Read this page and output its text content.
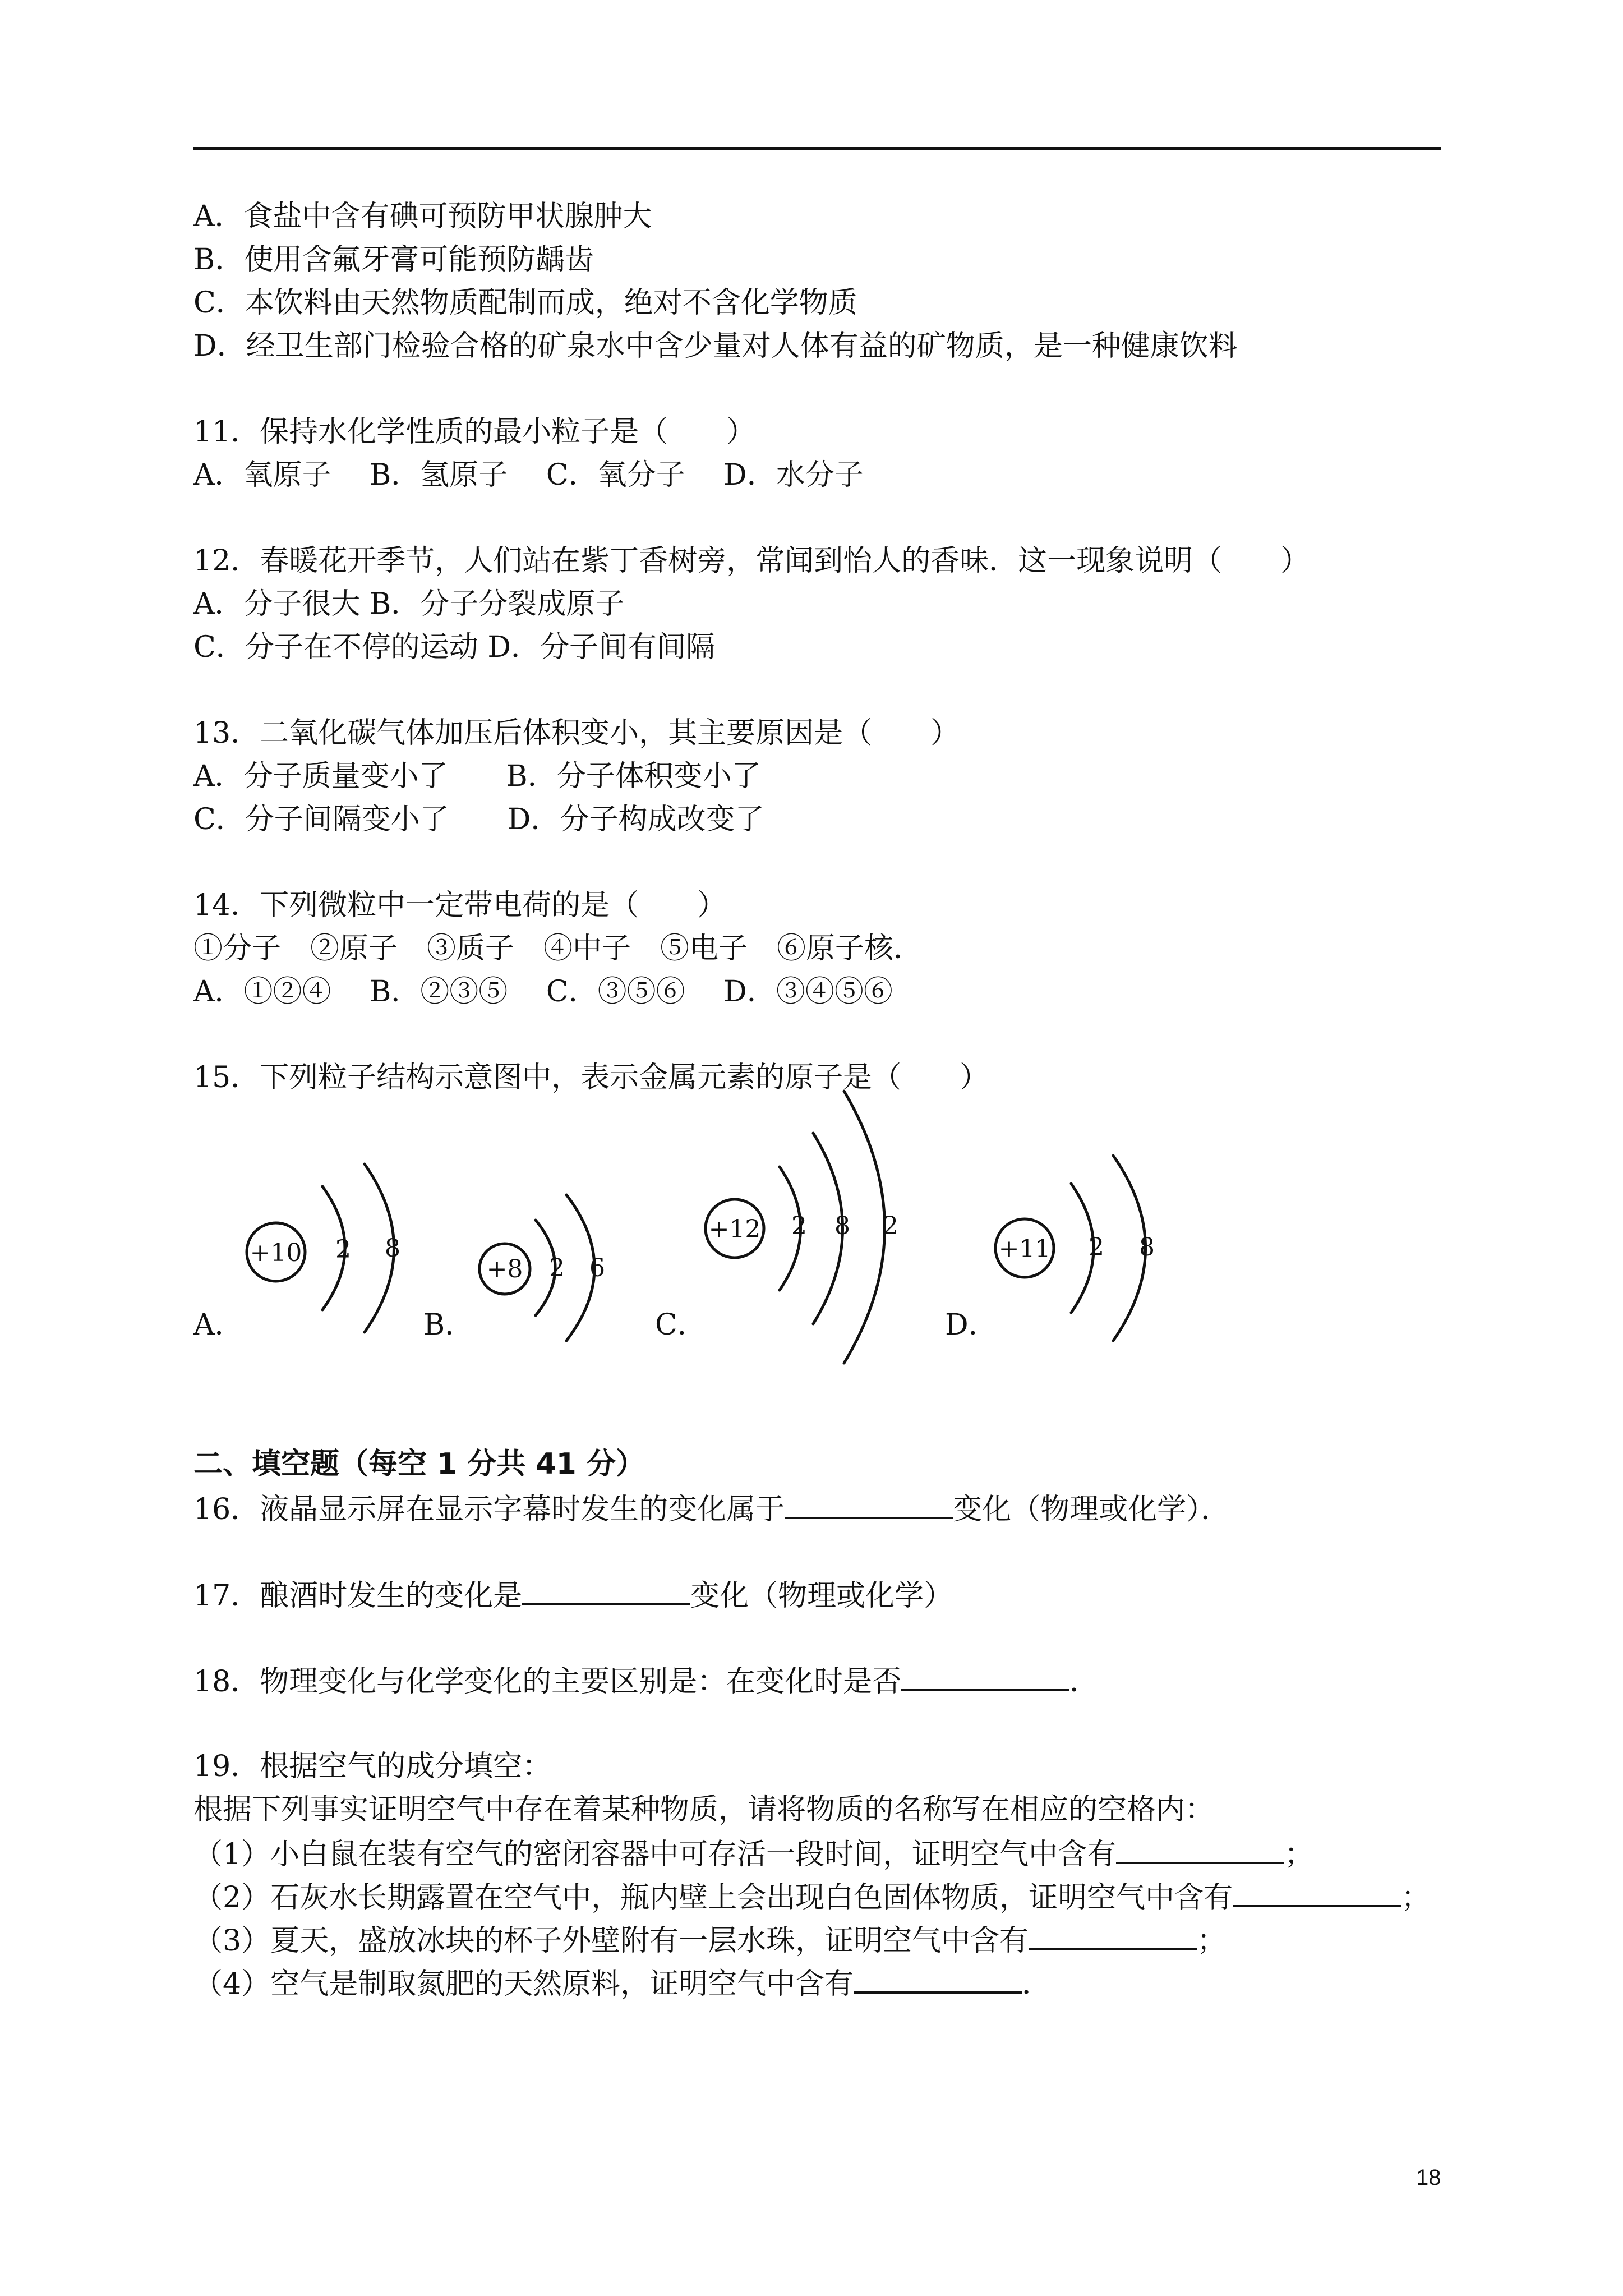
A．食盐中含有碘可预防甲状腺肿大
B．使用含氟牙膏可能预防龋齿
C．本饮料由天然物质配制而成，绝对不含化学物质
D．经卫生部门检验合格的矿泉水中含少量对人体有益的矿物质，是一种健康饮料
11．保持水化学性质的最小粒子是（　　）
A．氧原子　 B．氢原子　 C．氧分子　 D．水分子
12．春暖花开季节，人们站在紫丁香树旁，常闻到怡人的香味．这一现象说明（　　）
A．分子很大 B．分子分裂成原子
C．分子在不停的运动 D．分子间有间隔
13．二氧化碳气体加压后体积变小，其主要原因是（　　）
A．分子质量变小了　　B．分子体积变小了
C．分子间隔变小了　　D．分子构成改变了
14．下列微粒中一定带电荷的是（　　）
①分子　②原子　③质子　④中子　⑤电子　⑥原子核．
A．①②④　 B．②③⑤　 C．③⑤⑥　 D．③④⑤⑥
15．下列粒子结构示意图中，表示金属元素的原子是（　　）
+10 2 8
+8 2 6
+12 2 8 2
+11 2 8
A．	B．	C．	D．
二、填空题（每空 1 分共 41 分）
16．液晶显示屏在显示字幕时发生的变化属于	变化（物理或化学）．
17．酿酒时发生的变化是	变化（物理或化学）
18．物理变化与化学变化的主要区别是：在变化时是否	．
19．根据空气的成分填空：
根据下列事实证明空气中存在着某种物质，请将物质的名称写在相应的空格内：
（1）小白鼠在装有空气的密闭容器中可存活一段时间，证明空气中含有	；
（2）石灰水长期露置在空气中，瓶内壁上会出现白色固体物质，证明空气中含有	；
（3）夏天，盛放冰块的杯子外壁附有一层水珠，证明空气中含有	；
（4）空气是制取氮肥的天然原料，证明空气中含有	．
18
